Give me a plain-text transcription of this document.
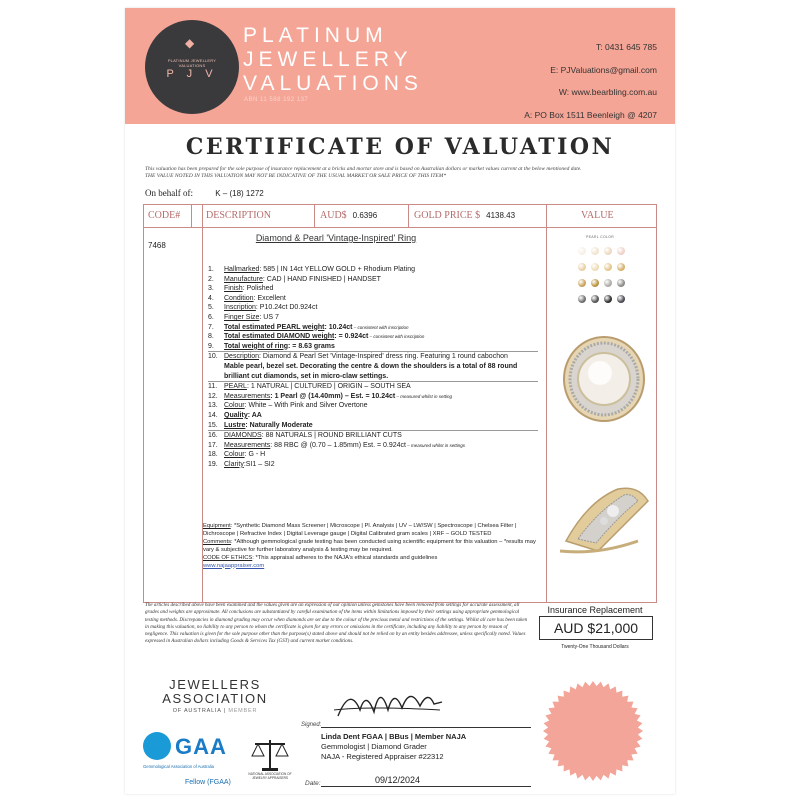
◆
PLATINUM JEWELLERY VALUATIONS
P J V
PLATINUM
JEWELLERY
VALUATIONS
ABN 11 588 192 137
T: 0431 645 785
E: PJValuations@gmail.com
W: www.bearbling.com.au
A: PO Box 1511 Beenleigh @ 4207
CERTIFICATE OF VALUATION
This valuation has been prepared for the sole purpose of insurance replacement at a bricks and mortar store and is based on Australian dollars or market values current at the below mentioned date.
THE VALUE NOTED IN THIS VALUATION MAY NOT BE INDICATIVE OF THE USUAL MARKET OR SALE PRICE OF THIS ITEM*
On behalf of:	K – (18) 1272
CODE#	DESCRIPTION	AUD$ 0.6396	GOLD PRICE $ 4138.43	VALUE
7468
Diamond & Pearl 'Vintage-Inspired' Ring
1. Hallmarked: 585 | IN 14ct YELLOW GOLD + Rhodium Plating
2. Manufacture: CAD | HAND FINISHED | HANDSET
3. Finish: Polished
4. Condition: Excellent
5. Inscription: P10.24ct D0.924ct
6. Finger Size: US 7
7. Total estimated PEARL weight: 10.24ct – consistent with inscription
8. Total estimated DIAMOND weight: = 0.924ct – consistent with inscription
9. Total weight of ring: = 8.63 grams
10. Description: Diamond & Pearl Set 'Vintage-Inspired' dress ring. Featuring 1 round cabochon
Mable pearl, bezel set. Decorating the centre & down the shoulders is a total of 88 round
brilliant cut diamonds, set in micro-claw settings.
11. PEARL: 1 NATURAL | CULTURED | ORIGIN – SOUTH SEA
12. Measurements: 1 Pearl @ (14.40mm) – Est. = 10.24ct – measured whilst in setting
13. Colour: White – With Pink and Silver Overtone
14. Quality: AA
15. Lustre: Naturally Moderate
16. DIAMONDS: 88 NATURALS | ROUND BRILLIANT CUTS
17. Measurements: 88 RBC @ (0.70 – 1.85mm) Est. = 0.924ct – measured whilst in settings
18. Colour: G - H
19. Clarity:SI1 – SI2
Equipment: *Synthetic Diamond Mass Screener | Microscope | Pl. Analysis | UV – LW/SW | Spectroscope | Chelsea Filter | Dichroscope | Refractive Index | Digital Leverage gauge | Digital Calibrated gram scales | XRF – GOLD TESTED
Comments: *Although gemmological grade testing has been conducted using scientific equipment for this valuation – *results may vary & subjective for further laboratory analysis & testing may be required.
CODE OF ETHICS: *This appraisal adheres to the NAJA's ethical standards and guidelines
www.najaappraiser.com
PEARL COLOR
The articles described above have been examined and the values given are an expression of our opinion unless gemstones have been removed from settings for accurate assessment, all grades and weights are approximate. All conclusions are substantiated by careful examination of the items within limitations imposed by their settings using appropriate gemmological testing methods. Discrepancies in diamond grading may occur when diamonds are set due to the colour of the precious metal and restrictions of the settings. Whilst all care has been taken in making this valuation, no liability to any person to whom the certificate is given for any errors or omissions in the certificate, including any liability to any person by reason of negligence. This valuation is given for the sole purpose other than the purpose(s) stated above and should not be relied on by an entity besides addressee, unless specifically noted. Values expressed in Australian dollars including Goods & Services Tax (GST) and current market conditions.
Insurance Replacement
AUD $21,000
Twenty-One Thousand Dollars
JEWELLERS
ASSOCIATION
OF AUSTRALIA | MEMBER
GAA
Gemmological Association of Australia
Fellow (FGAA)
NATIONAL ASSOCIATION OF JEWELRY APPRAISERS
Signed:
Linda Dent FGAA | BBus | Member NAJA
Gemmologist | Diamond Grader
NAJA - Registered Appraiser #22312
Date:	09/12/2024
